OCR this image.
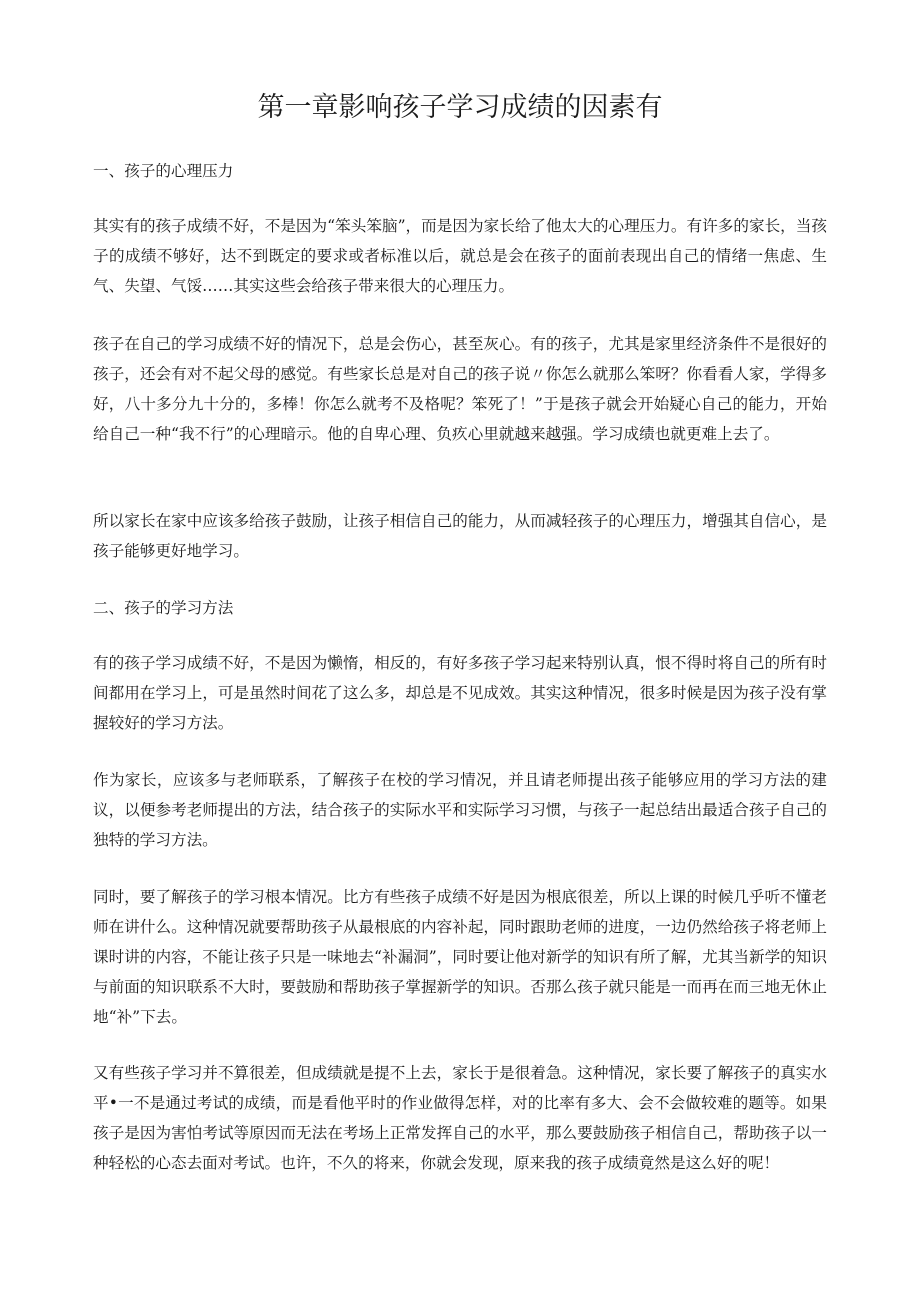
第一章影响孩子学习成绩的因素有

一、孩子的心理压力

其实有的孩子成绩不好，不是因为“笨头笨脑”，而是因为家长给了他太大的心理压力。有许多的家长，当孩子的成绩不够好，达不到既定的要求或者标准以后，就总是会在孩子的面前表现出自己的情绪一焦虑、生气、失望、气馁……其实这些会给孩子带来很大的心理压力。

孩子在自己的学习成绩不好的情况下，总是会伤心，甚至灰心。有的孩子，尤其是家里经济条件不是很好的孩子，还会有对不起父母的感觉。有些家长总是对自己的孩子说〃你怎么就那么笨呀？你看看人家，学得多好，八十多分九十分的，多棒！你怎么就考不及格呢？笨死了！”于是孩子就会开始疑心自己的能力，开始给自己一种“我不行”的心理暗示。他的自卑心理、负疚心里就越来越强。学习成绩也就更难上去了。

所以家长在家中应该多给孩子鼓励，让孩子相信自己的能力，从而减轻孩子的心理压力，增强其自信心，是孩子能够更好地学习。

二、孩子的学习方法

有的孩子学习成绩不好，不是因为懒惰，相反的，有好多孩子学习起来特别认真，恨不得时将自己的所有时间都用在学习上，可是虽然时间花了这么多，却总是不见成效。其实这种情况，很多时候是因为孩子没有掌握较好的学习方法。

作为家长，应该多与老师联系，了解孩子在校的学习情况，并且请老师提出孩子能够应用的学习方法的建议，以便参考老师提出的方法，结合孩子的实际水平和实际学习习惯，与孩子一起总结出最适合孩子自己的独特的学习方法。

同时，要了解孩子的学习根本情况。比方有些孩子成绩不好是因为根底很差，所以上课的时候几乎听不懂老师在讲什么。这种情况就要帮助孩子从最根底的内容补起，同时跟助老师的进度，一边仍然给孩子将老师上课时讲的内容，不能让孩子只是一味地去“补漏洞”，同时要让他对新学的知识有所了解，尤其当新学的知识与前面的知识联系不大时，要鼓励和帮助孩子掌握新学的知识。否那么孩子就只能是一而再在而三地无休止地“补”下去。

又有些孩子学习并不算很差，但成绩就是提不上去，家长于是很着急。这种情况，家长要了解孩子的真实水平•一不是通过考试的成绩，而是看他平时的作业做得怎样，对的比率有多大、会不会做较难的题等。如果孩子是因为害怕考试等原因而无法在考场上正常发挥自己的水平，那么要鼓励孩子相信自己，帮助孩子以一种轻松的心态去面对考试。也许，不久的将来，你就会发现，原来我的孩子成绩竟然是这么好的呢！
